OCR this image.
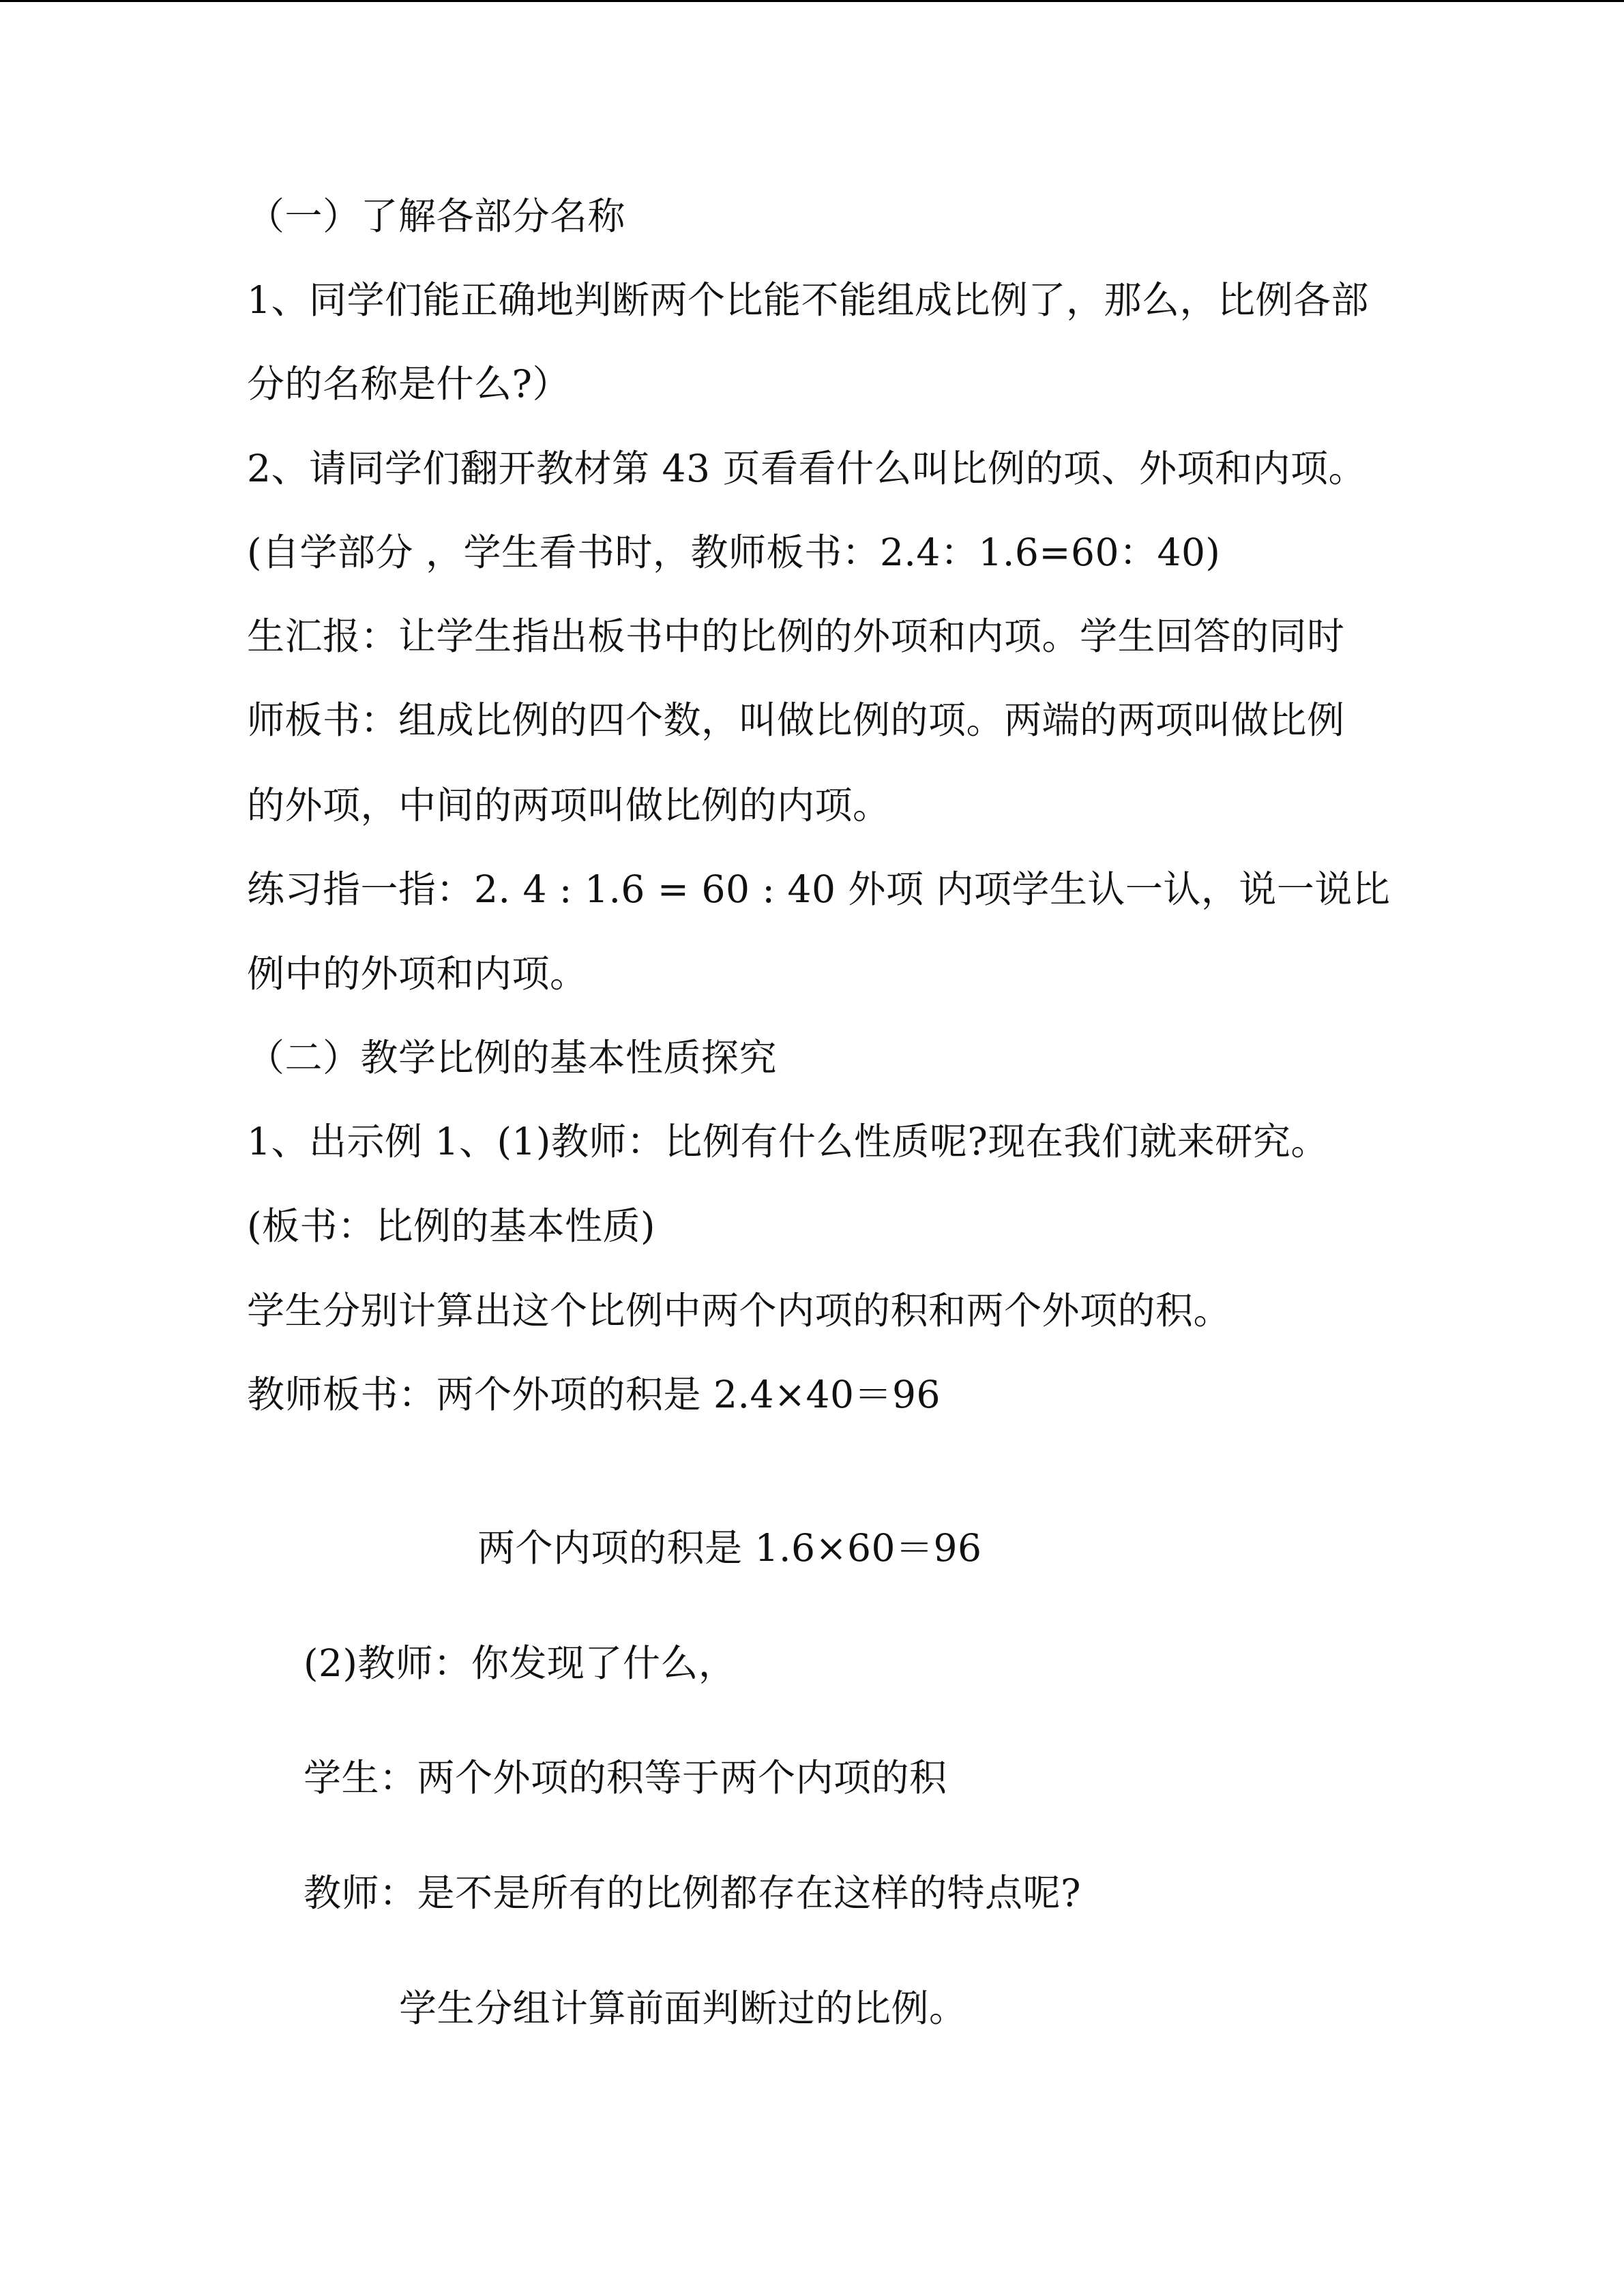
（一）了解各部分名称
1、同学们能正确地判断两个比能不能组成比例了，那么，比例各部
分的名称是什么?）
2、请同学们翻开教材第 43 页看看什么叫比例的项、外项和内项。
(自学部分 ，学生看书时，教师板书：2.4：1.6=60：40)
生汇报：让学生指出板书中的比例的外项和内项。学生回答的同时
师板书：组成比例的四个数，叫做比例的项。两端的两项叫做比例
的外项，中间的两项叫做比例的内项。
练习指一指：2. 4 : 1.6 = 60 : 40 外项 内项学生认一认，说一说比
例中的外项和内项。
（二）教学比例的基本性质探究
1、出示例 1、(1)教师：比例有什么性质呢?现在我们就来研究。
(板书：比例的基本性质)
学生分别计算出这个比例中两个内项的积和两个外项的积。
教师板书：两个外项的积是 2.4×40＝96
两个内项的积是 1.6×60＝96
(2)教师：你发现了什么，
学生：两个外项的积等于两个内项的积
教师：是不是所有的比例都存在这样的特点呢?
学生分组计算前面判断过的比例。
